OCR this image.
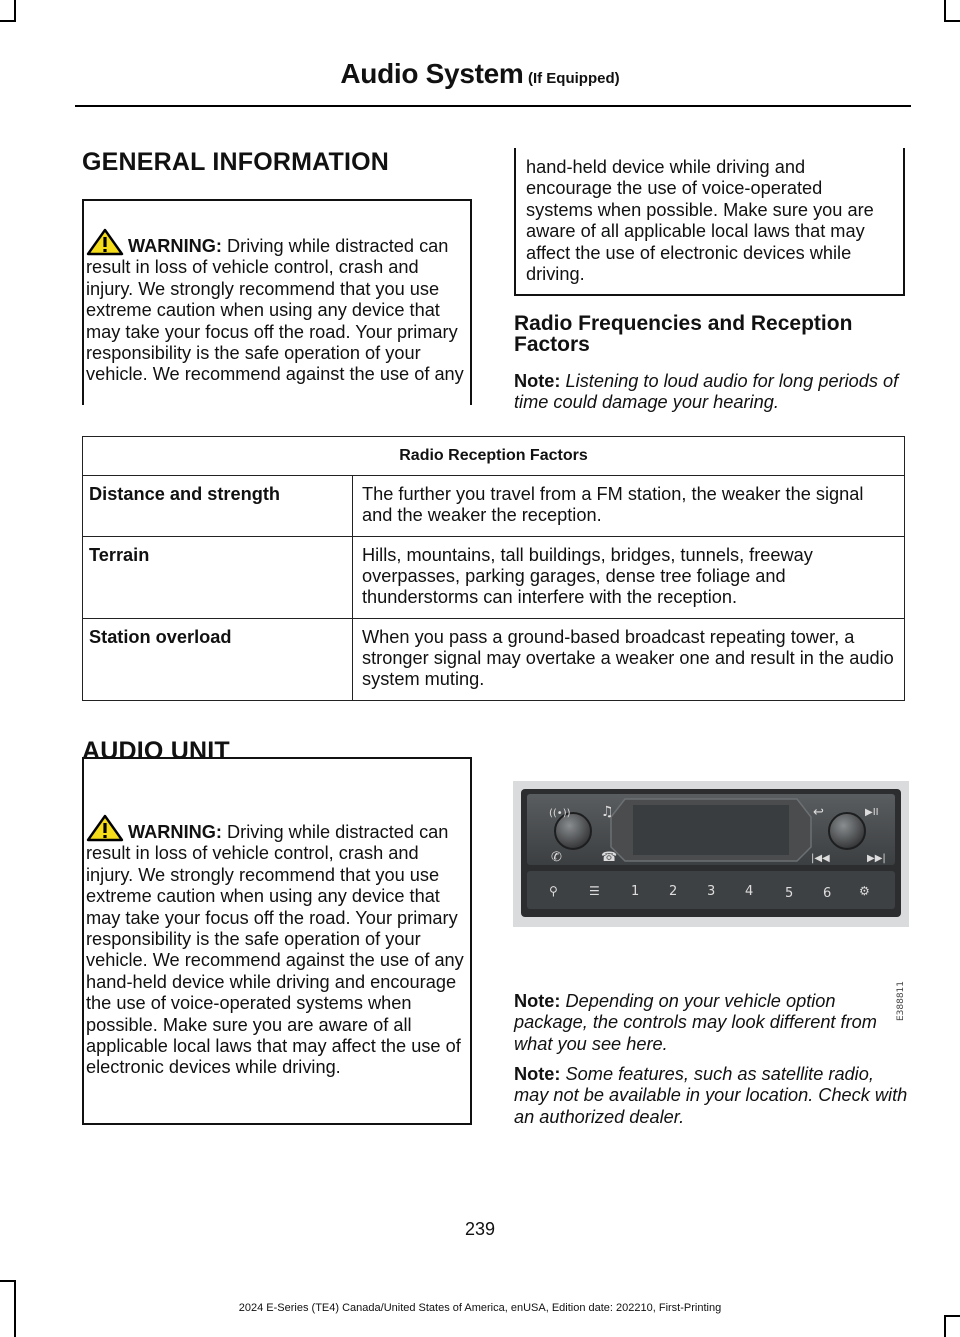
Audio System (If Equipped)
GENERAL INFORMATION

WARNING: Driving while distracted can result in loss of vehicle control, crash and injury. We strongly recommend that you use extreme caution when using any device that may take your focus off the road. Your primary responsibility is the safe operation of your vehicle. We recommend against the use of any

hand-held device while driving and encourage the use of voice-operated systems when possible. Make sure you are aware of all applicable local laws that may affect the use of electronic devices while driving.

Radio Frequencies and Reception Factors

Note: Listening to loud audio for long periods of time could damage your hearing.

Radio Reception Factors	
Distance and strength	The further you travel from a FM station, the weaker the signal and the weaker the reception.
Terrain	Hills, mountains, tall buildings, bridges, tunnels, freeway overpasses, parking garages, dense tree foliage and thunderstorms can interfere with the reception.
Station overload	When you pass a ground-based broadcast repeating tower, a stronger signal may overtake a weaker one and result in the audio system muting.
AUDIO UNIT

WARNING: Driving while distracted can result in loss of vehicle control, crash and injury. We strongly recommend that you use extreme caution when using any device that may take your focus off the road. Your primary responsibility is the safe operation of your vehicle. We recommend against the use of any hand-held device while driving and encourage the use of voice-operated systems when possible. Make sure you are aware of all applicable local laws that may affect the use of electronic devices while driving.

((•)) ♫
✆	☎
↩	▶II
|◀◀	▶▶|
⚲	☰ 1 2 3 4 5 6 ⚙
E388811

Note: Depending on your vehicle option package, the controls may look different from what you see here.

Note: Some features, such as satellite radio, may not be available in your location. Check with an authorized dealer.

239
2024 E-Series (TE4) Canada/United States of America, enUSA, Edition date: 202210, First-Printing
